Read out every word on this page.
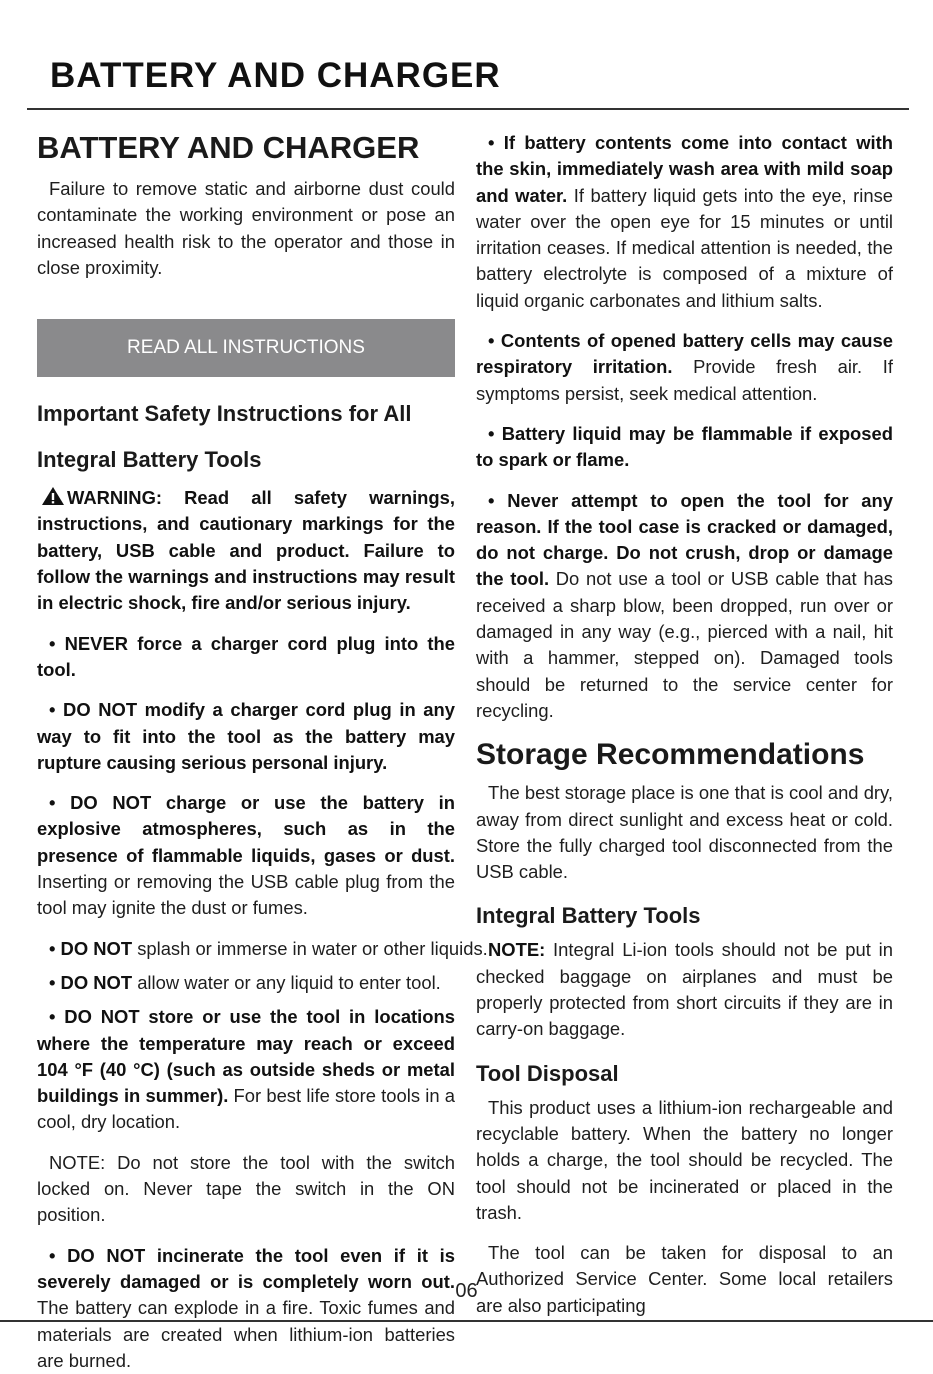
BATTERY AND CHARGER
BATTERY AND CHARGER

Failure to remove static and airborne dust could contaminate the working environment or pose an increased health risk to the operator and those in close proximity.

READ ALL INSTRUCTIONS
Important Safety Instructions for All
Integral Battery Tools

WARNING: Read all safety warnings, instructions, and cautionary markings for the battery, USB cable and product. Failure to follow the warnings and instructions may result in electric shock, fire and/or serious injury.

• NEVER force a charger cord plug into the tool.

• DO NOT modify a charger cord plug in any way to fit into the tool as the battery may rupture causing serious personal injury.

• DO NOT charge or use the battery in explosive atmospheres, such as in the presence of flammable liquids, gases or dust. Inserting or removing the USB cable plug from the tool may ignite the dust or fumes.

• DO NOT splash or immerse in water or other liquids.

• DO NOT allow water or any liquid to enter tool.

• DO NOT store or use the tool in locations where the temperature may reach or exceed 104 °F (40 °C) (such as outside sheds or metal buildings in summer). For best life store tools in a cool, dry location.

NOTE: Do not store the tool with the switch locked on. Never tape the switch in the ON position.

• DO NOT incinerate the tool even if it is severely damaged or is completely worn out. The battery can explode in a fire. Toxic fumes and materials are created when lithium-ion batteries are burned.

• If battery contents come into contact with the skin, immediately wash area with mild soap and water. If battery liquid gets into the eye, rinse water over the open eye for 15 minutes or until irritation ceases. If medical attention is needed, the battery electrolyte is composed of a mixture of liquid organic carbonates and lithium salts.

• Contents of opened battery cells may cause respiratory irritation. Provide fresh air. If symptoms persist, seek medical attention.

• Battery liquid may be flammable if exposed to spark or flame.

• Never attempt to open the tool for any reason. If the tool case is cracked or damaged, do not charge. Do not crush, drop or damage the tool. Do not use a tool or USB cable that has received a sharp blow, been dropped, run over or damaged in any way (e.g., pierced with a nail, hit with a hammer, stepped on). Damaged tools should be returned to the service center for recycling.

Storage Recommendations

The best storage place is one that is cool and dry, away from direct sunlight and excess heat or cold. Store the fully charged tool disconnected from the USB cable.

Integral Battery Tools

NOTE: Integral Li-ion tools should not be put in checked baggage on airplanes and must be properly protected from short circuits if they are in carry-on baggage.

Tool Disposal

This product uses a lithium-ion rechargeable and recyclable battery. When the battery no longer holds a charge, the tool should be recycled. The tool should not be incinerated or placed in the trash.

The tool can be taken for disposal to an Authorized Service Center. Some local retailers are also participating

06
